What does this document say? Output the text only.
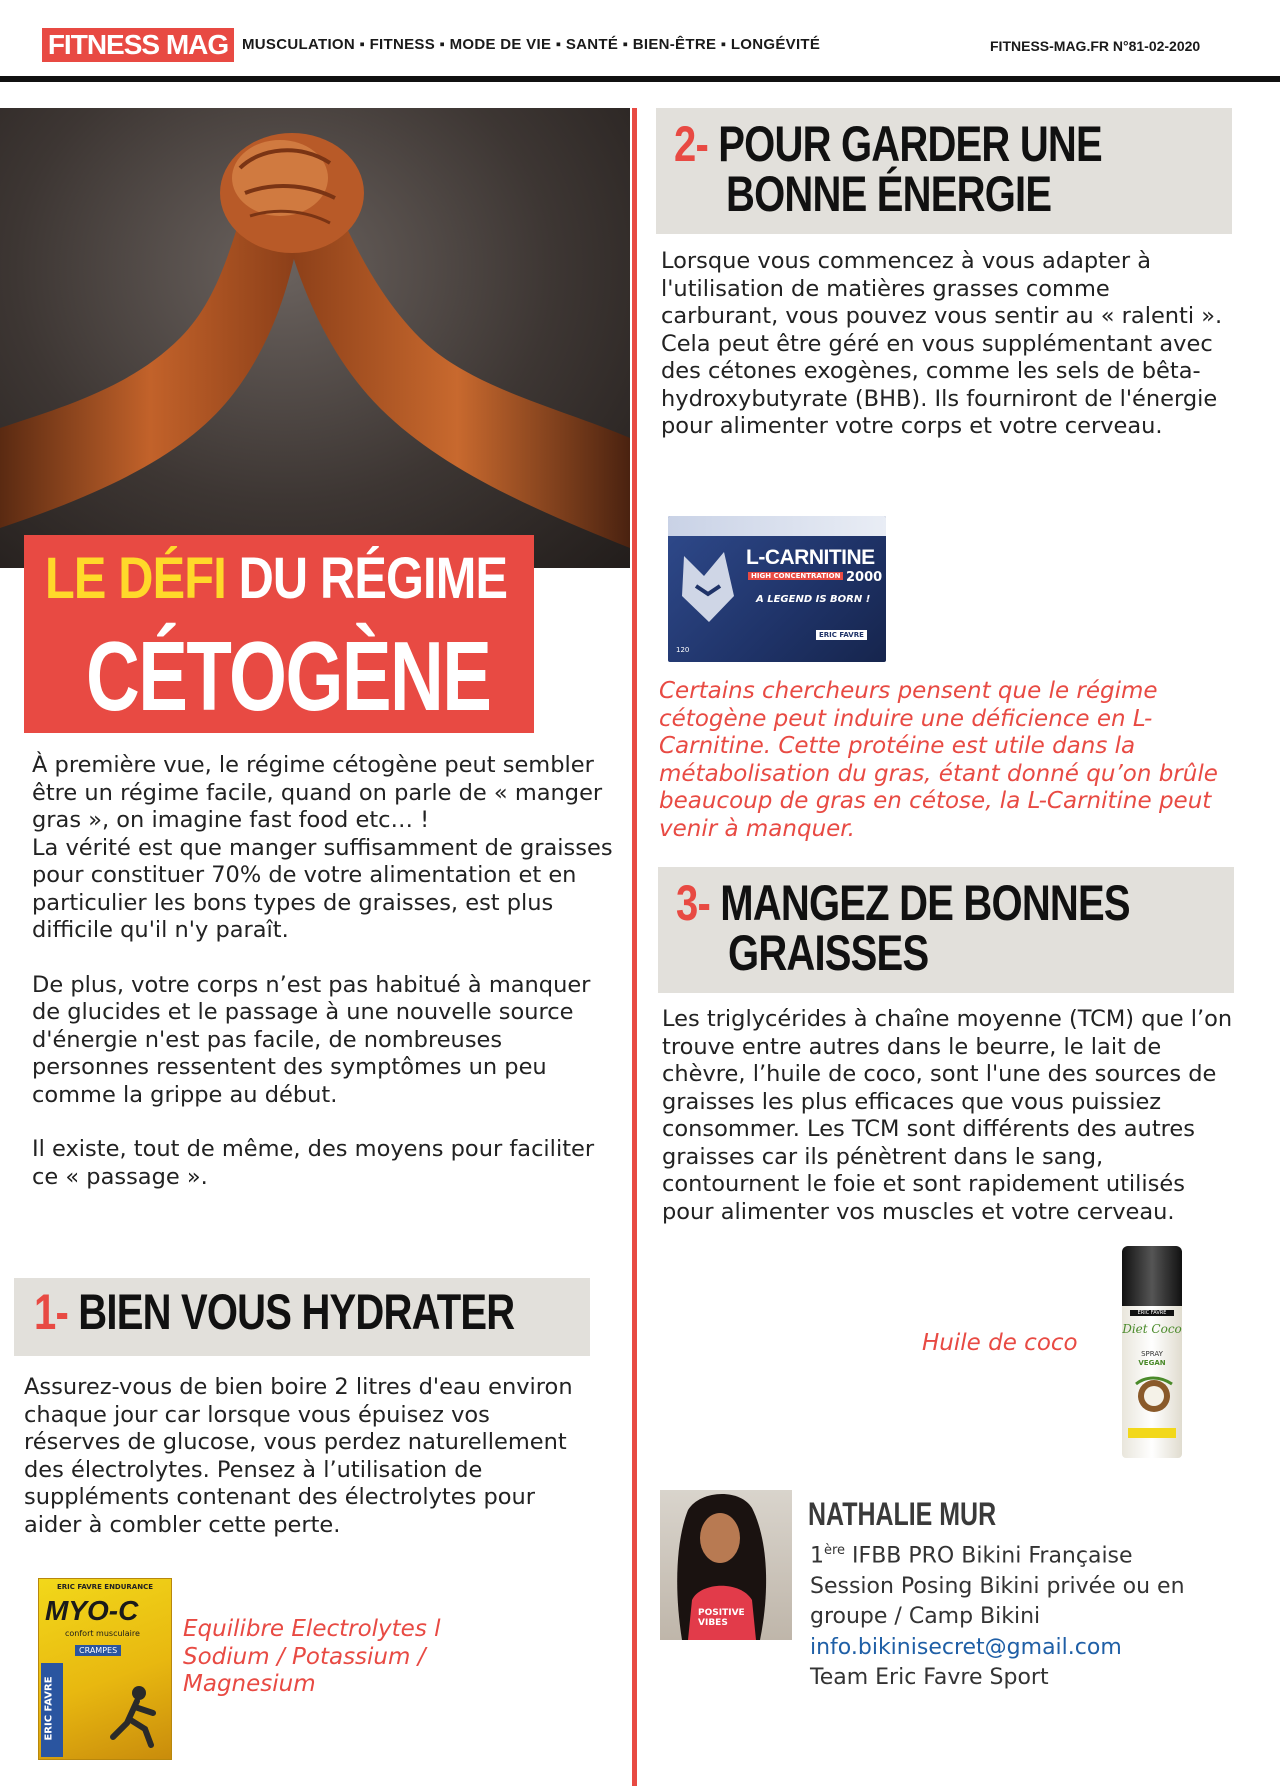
FITNESS MAG MUSCULATION ▪ FITNESS ▪ MODE DE VIE ▪ SANTÉ ▪ BIEN-ÊTRE ▪ LONGÉVITÉ	FITNESS-MAG.FR N°81-02-2020
LE DÉFI DU RÉGIME
CÉTOGÈNE
À première vue, le régime cétogène peut sembler être un régime facile, quand on parle de « manger gras », on imagine fast food etc… !
La vérité est que manger suffisamment de graisses pour constituer 70% de votre alimentation et en particulier les bons types de graisses, est plus difficile qu'il n'y paraît.
De plus, votre corps n’est pas habitué à manquer de glucides et le passage à une nouvelle source d'énergie n'est pas facile, de nombreuses personnes ressentent des symptômes un peu comme la grippe au début.
Il existe, tout de même, des moyens pour faciliter ce « passage ».
1- BIEN VOUS HYDRATER
Assurez-vous de bien boire 2 litres d'eau environ chaque jour car lorsque vous épuisez vos réserves de glucose, vous perdez naturellement des électrolytes. Pensez à l’utilisation de suppléments contenant des électrolytes pour aider à combler cette perte.
ERIC FAVRE ENDURANCE
MYO-C
confort musculaire
CRAMPES
ERIC FAVRE
Equilibre Electrolytes l Sodium / Potassium / Magnesium
2- POUR GARDER UNE
BONNE ÉNERGIE
Lorsque vous commencez à vous adapter à l'utilisation de matières grasses comme carburant, vous pouvez vous sentir au « ralenti ». Cela peut être géré en vous supplémentant avec des cétones exogènes, comme les sels de bêta-hydroxybutyrate (BHB). Ils fourniront de l'énergie pour alimenter votre corps et votre cerveau.
L-CARNITINE
HIGH CONCENTRATION 2000
A LEGEND IS BORN !
ERIC FAVRE
120
Certains chercheurs pensent que le régime cétogène peut induire une déficience en L-Carnitine. Cette protéine est utile dans la métabolisation du gras, étant donné qu’on brûle beaucoup de gras en cétose, la L-Carnitine peut venir à manquer.
3- MANGEZ DE BONNES
GRAISSES
Les triglycérides à chaîne moyenne (TCM) que l’on trouve entre autres dans le beurre, le lait de chèvre, l’huile de coco, sont l'une des sources de graisses les plus efficaces que vous puissiez consommer. Les TCM sont différents des autres graisses car ils pénètrent dans le sang, contournent le foie et sont rapidement utilisés pour alimenter vos muscles et votre cerveau.
Huile de coco
ERIC FAVRE
Diet Coco
SPRAY
VEGAN
POSITIVE VIBES
NATHALIE MUR
1ère IFBB PRO Bikini Française
Session Posing Bikini privée ou en groupe / Camp Bikini
info.bikinisecret@gmail.com
Team Eric Favre Sport
